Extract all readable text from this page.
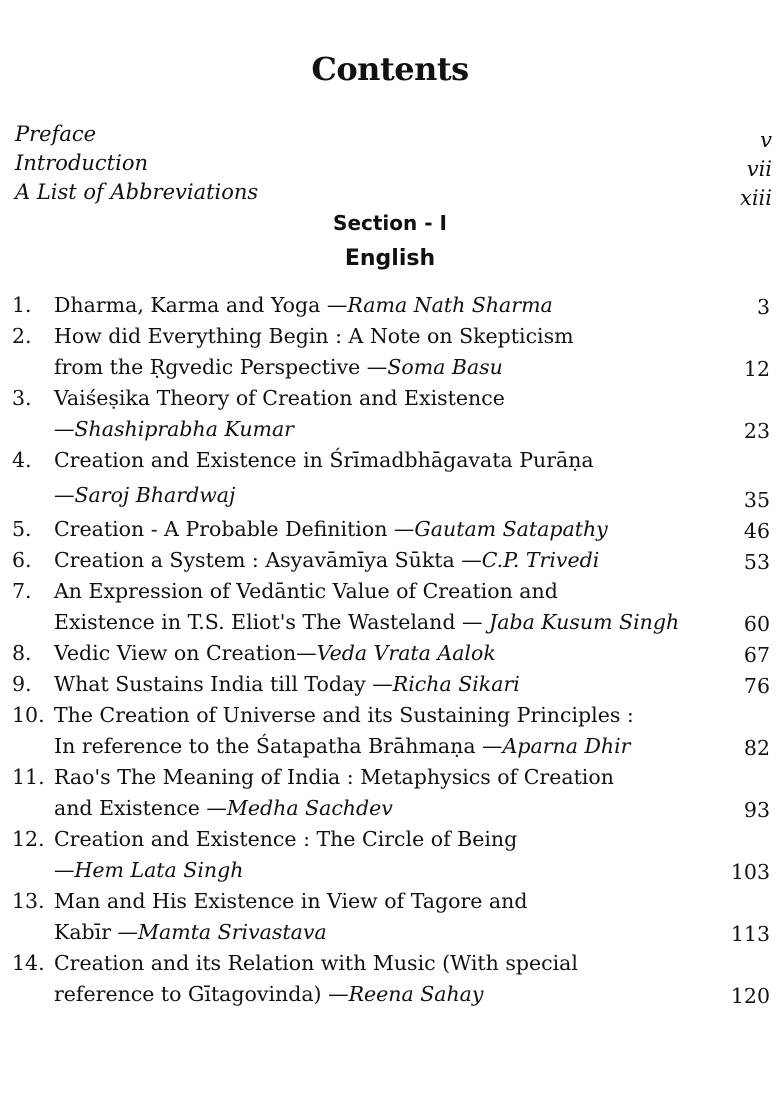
Contents
Preface	v
Introduction	vii
A List of Abbreviations	xiii
Section - I
English
1. Dharma, Karma and Yoga —Rama Nath Sharma	3
2. How did Everything Begin : A Note on Skepticism
from the Ṛgvedic Perspective —Soma Basu	12
3. Vaiśeṣika Theory of Creation and Existence
—Shashiprabha Kumar	23
4. Creation and Existence in Śrīmadbhāgavata Purāṇa
—Saroj Bhardwaj	35
5. Creation - A Probable Definition —Gautam Satapathy	46
6. Creation a System : Asyavāmīya Sūkta —C.P. Trivedi	53
7. An Expression of Vedāntic Value of Creation and
Existence in T.S. Eliot's The Wasteland — Jaba Kusum Singh	60
8. Vedic View on Creation—Veda Vrata Aalok	67
9. What Sustains India till Today —Richa Sikari	76
10. The Creation of Universe and its Sustaining Principles :
In reference to the Śatapatha Brāhmaṇa —Aparna Dhir	82
11. Rao's The Meaning of India : Metaphysics of Creation
and Existence —Medha Sachdev	93
12. Creation and Existence : The Circle of Being
—Hem Lata Singh	103
13. Man and His Existence in View of Tagore and
Kabīr —Mamta Srivastava	113
14. Creation and its Relation with Music (With special
reference to Gītagovinda) —Reena Sahay	120
